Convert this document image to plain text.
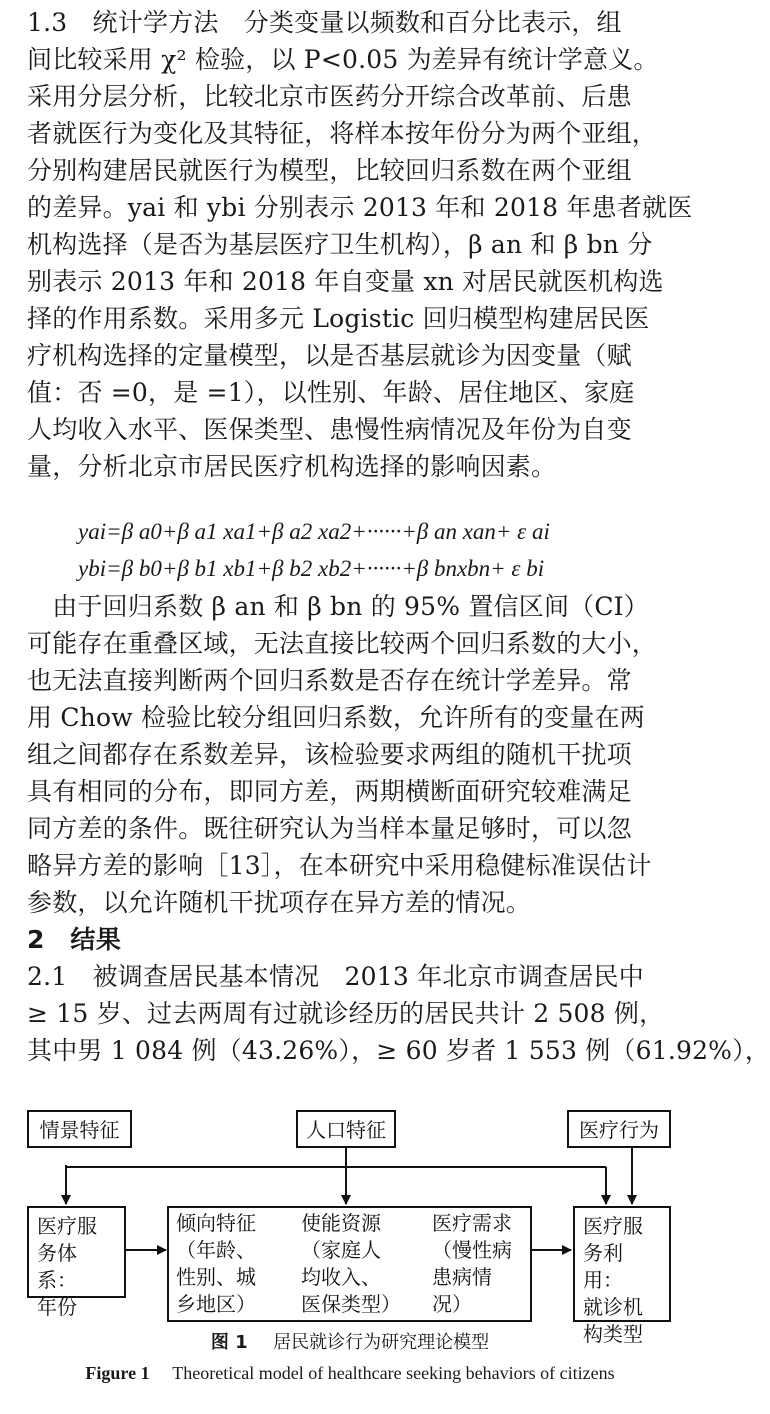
1.3　统计学方法　分类变量以频数和百分比表示，组
间比较采用 χ² 检验，以 P<0.05 为差异有统计学意义。
采用分层分析，比较北京市医药分开综合改革前、后患
者就医行为变化及其特征，将样本按年份分为两个亚组，
分别构建居民就医行为模型，比较回归系数在两个亚组
的差异。yai 和 ybi 分别表示 2013 年和 2018 年患者就医
机构选择（是否为基层医疗卫生机构），β an 和 β bn 分
别表示 2013 年和 2018 年自变量 xn 对居民就医机构选
择的作用系数。采用多元 Logistic 回归模型构建居民医
疗机构选择的定量模型，以是否基层就诊为因变量（赋
值：否 =0，是 =1），以性别、年龄、居住地区、家庭
人均收入水平、医保类型、患慢性病情况及年份为自变
量，分析北京市居民医疗机构选择的影响因素。
yai=β a0+β a1 xa1+β a2 xa2+······+β an xan+ ε ai
ybi=β b0+β b1 xb1+β b2 xb2+······+β bnxbn+ ε bi
　由于回归系数 β an 和 β bn 的 95% 置信区间（CI）
可能存在重叠区域，无法直接比较两个回归系数的大小，
也无法直接判断两个回归系数是否存在统计学差异。常
用 Chow 检验比较分组回归系数，允许所有的变量在两
组之间都存在系数差异，该检验要求两组的随机干扰项
具有相同的分布，即同方差，两期横断面研究较难满足
同方差的条件。既往研究认为当样本量足够时，可以忽
略异方差的影响［13］，在本研究中采用稳健标准误估计
参数，以允许随机干扰项存在异方差的情况。
2　结果
2.1　被调查居民基本情况　2013 年北京市调查居民中
≥ 15 岁、过去两周有过就诊经历的居民共计 2 508 例，
其中男 1 084 例（43.26%），≥ 60 岁者 1 553 例（61.92%），
情景特征	人口特征	医疗行为
医疗服
务体系：
年份
倾向特征
（年龄、
性别、城
乡地区）
使能资源
（家庭人
均收入、
医保类型）
医疗需求
（慢性病
患病情
况）
医疗服
务利用：
就诊机
构类型
图 1 居民就诊行为研究理论模型
Figure 1 Theoretical model of healthcare seeking behaviors of citizens
